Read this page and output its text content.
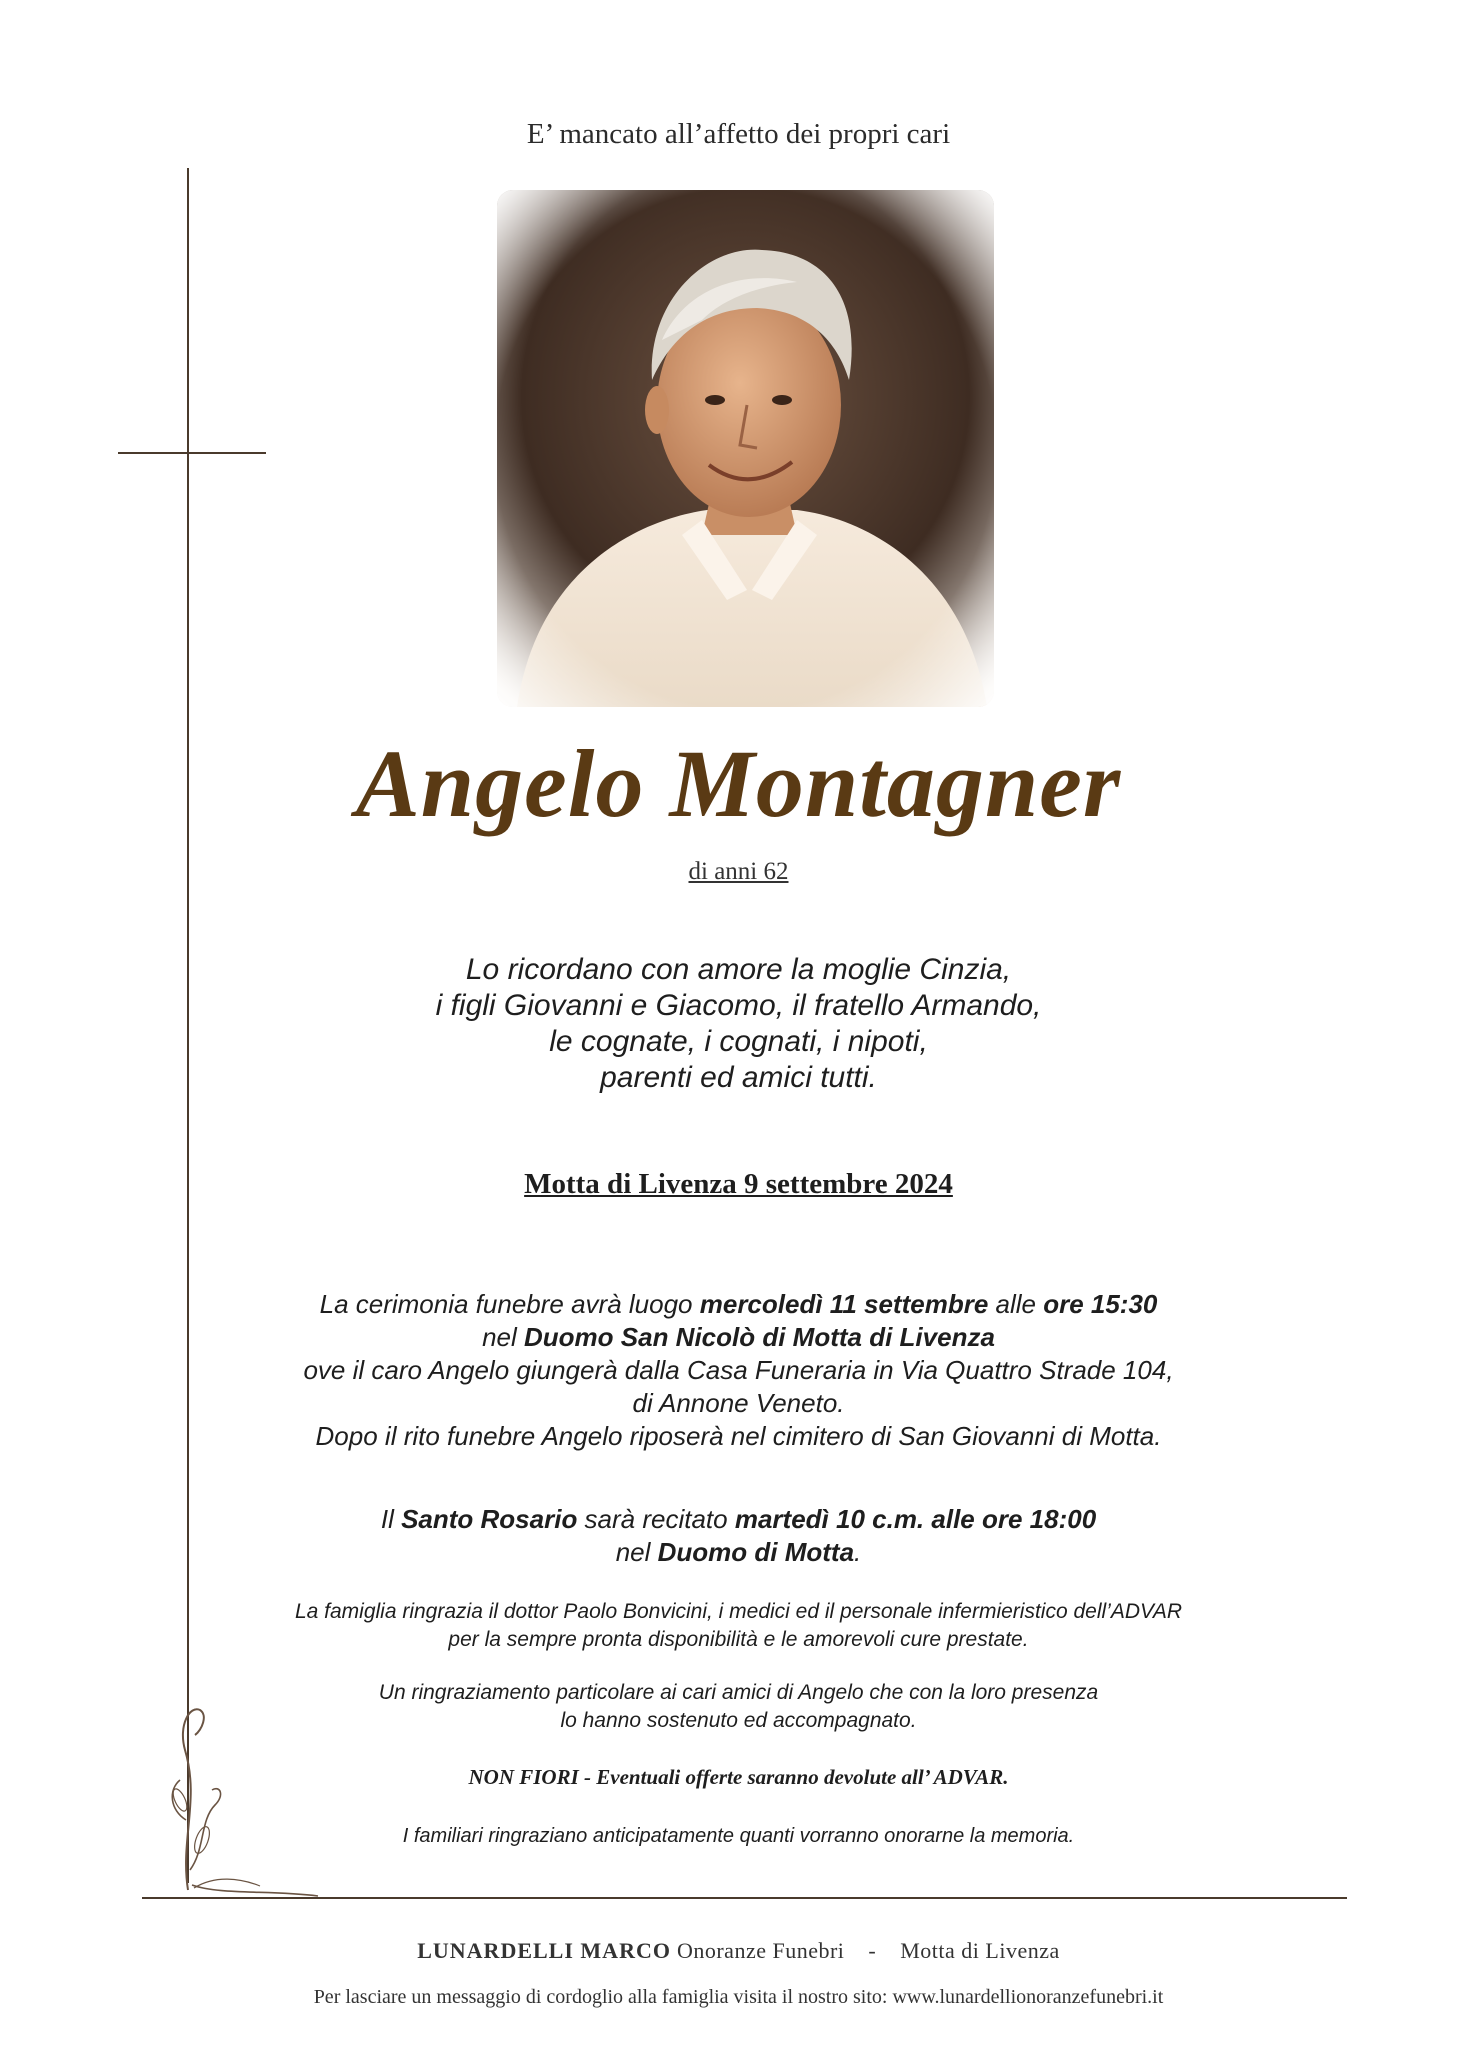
E’ mancato all’affetto dei propri cari
Angelo Montagner
di anni 62
Lo ricordano con amore la moglie Cinzia,
i figli Giovanni e Giacomo, il fratello Armando,
le cognate, i cognati, i nipoti,
parenti ed amici tutti.
Motta di Livenza 9 settembre 2024
La cerimonia funebre avrà luogo mercoledì 11 settembre alle ore 15:30
nel Duomo San Nicolò di Motta di Livenza
ove il caro Angelo giungerà dalla Casa Funeraria in Via Quattro Strade 104,
di Annone Veneto.
Dopo il rito funebre Angelo riposerà nel cimitero di San Giovanni di Motta.
Il Santo Rosario sarà recitato martedì 10 c.m. alle ore 18:00
nel Duomo di Motta.
La famiglia ringrazia il dottor Paolo Bonvicini, i medici ed il personale infermieristico dell’ADVAR
per la sempre pronta disponibilità e le amorevoli cure prestate.
Un ringraziamento particolare ai cari amici di Angelo che con la loro presenza
lo hanno sostenuto ed accompagnato.
NON FIORI - Eventuali offerte saranno devolute all’ ADVAR.
I familiari ringraziano anticipatamente quanti vorranno onorarne la memoria.
LUNARDELLI MARCO Onoranze Funebri - Motta di Livenza
Per lasciare un messaggio di cordoglio alla famiglia visita il nostro sito: www.lunardellionoranzefunebri.it
